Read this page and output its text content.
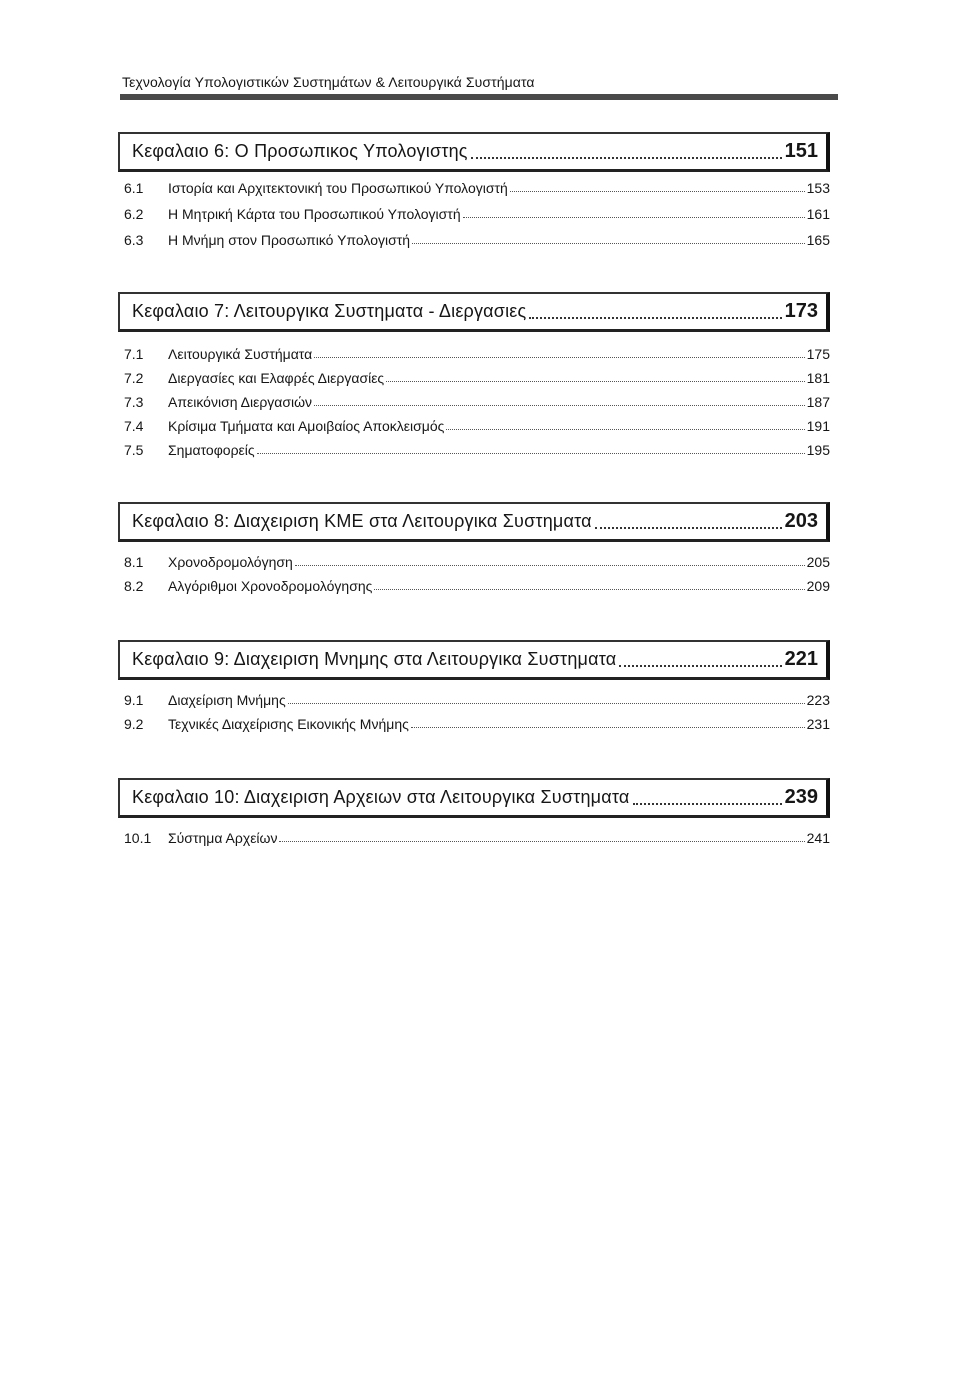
Τεχνολογία Υπολογιστικών Συστημάτων & Λειτουργικά Συστήματα
Κεφαλαιο 6: Ο Προσωπικος Υπολογιστης	151
6.1	Ιστορία και Αρχιτεκτονική του Προσωπικού Υπολογιστή	153
6.2	Η Μητρική Κάρτα του Προσωπικού Υπολογιστή	161
6.3	Η Μνήμη στον Προσωπικό Υπολογιστή	165
Κεφαλαιο 7: Λειτουργικα Συστηματα - Διεργασιες	173
7.1	Λειτουργικά Συστήματα	175
7.2	Διεργασίες και Ελαφρές Διεργασίες	181
7.3	Απεικόνιση Διεργασιών	187
7.4	Κρίσιμα Τμήματα και Αμοιβαίος Αποκλεισμός	191
7.5	Σηματοφορείς	195
Κεφαλαιο 8: Διαχειριση ΚΜΕ στα Λειτουργικα Συστηματα	203
8.1	Χρονοδρομολόγηση	205
8.2	Αλγόριθμοι Χρονοδρομολόγησης	209
Κεφαλαιο 9: Διαχειριση Μνημης στα Λειτουργικα Συστηματα	221
9.1	Διαχείριση Μνήμης	223
9.2	Τεχνικές Διαχείρισης Εικονικής Μνήμης	231
Κεφαλαιο 10: Διαχειριση Αρχειων στα Λειτουργικα Συστηματα	239
10.1	Σύστημα Αρχείων	241
